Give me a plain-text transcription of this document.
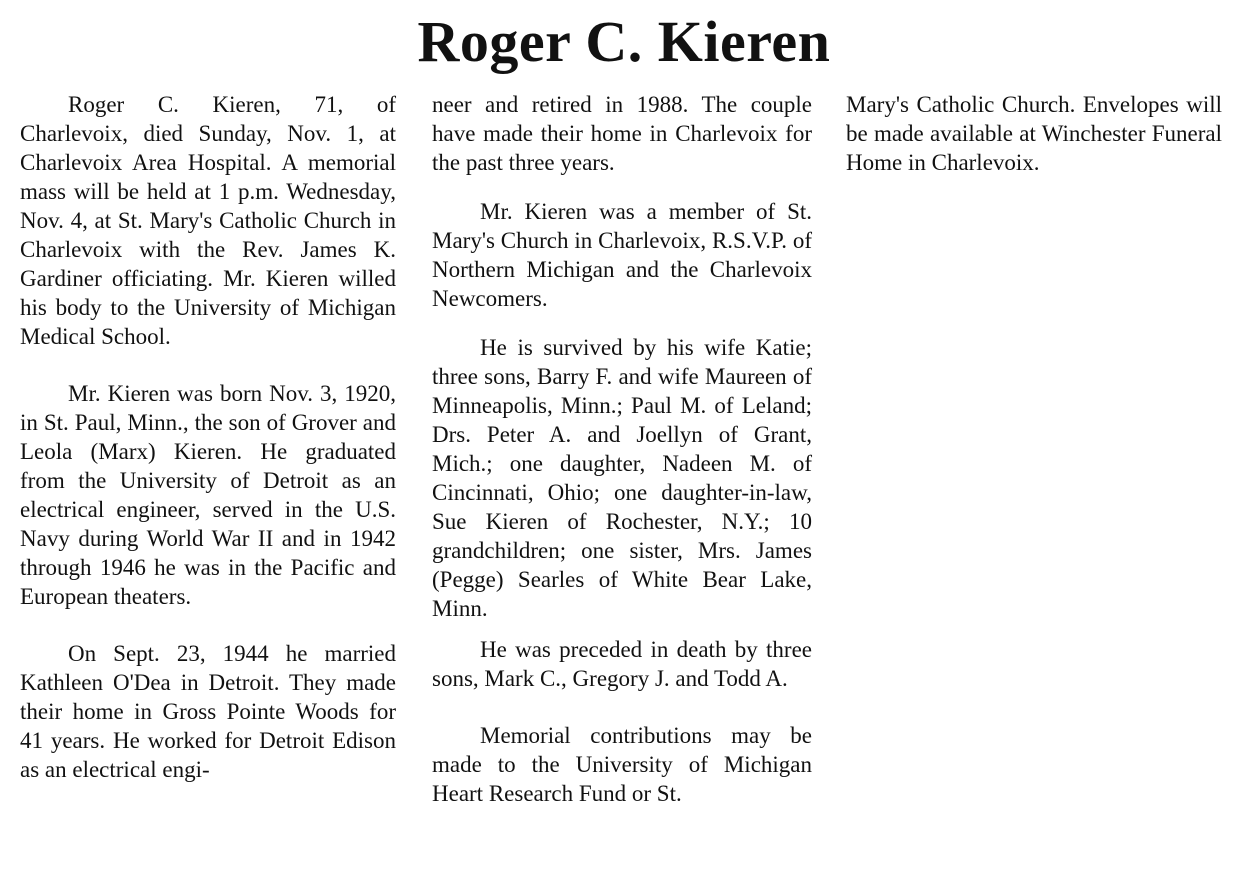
Roger C. Kieren

Roger C. Kieren, 71, of Charlevoix, died Sunday, Nov. 1, at Charlevoix Area Hospital. A memorial mass will be held at 1 p.m. Wednesday, Nov. 4, at St. Mary's Catholic Church in Charlevoix with the Rev. James K. Gardiner officiating. Mr. Kieren willed his body to the University of Michigan Medical School.

Mr. Kieren was born Nov. 3, 1920, in St. Paul, Minn., the son of Grover and Leola (Marx) Kieren. He graduated from the University of Detroit as an electrical engineer, served in the U.S. Navy during World War II and in 1942 through 1946 he was in the Pacific and European theaters.

On Sept. 23, 1944 he married Kathleen O'Dea in Detroit. They made their home in Gross Pointe Woods for 41 years. He worked for Detroit Edison as an electrical engi-

neer and retired in 1988. The couple have made their home in Charlevoix for the past three years.

Mr. Kieren was a member of St. Mary's Church in Charlevoix, R.S.V.P. of Northern Michigan and the Charlevoix Newcomers.

He is survived by his wife Katie; three sons, Barry F. and wife Maureen of Minneapolis, Minn.; Paul M. of Leland; Drs. Peter A. and Joellyn of Grant, Mich.; one daughter, Nadeen M. of Cincinnati, Ohio; one daughter-in-law, Sue Kieren of Rochester, N.Y.; 10 grandchildren; one sister, Mrs. James (Pegge) Searles of White Bear Lake, Minn.

He was preceded in death by three sons, Mark C., Gregory J. and Todd A.

Memorial contributions may be made to the University of Michigan Heart Research Fund or St.

Mary's Catholic Church. Envelopes will be made available at Winchester Funeral Home in Charlevoix.
